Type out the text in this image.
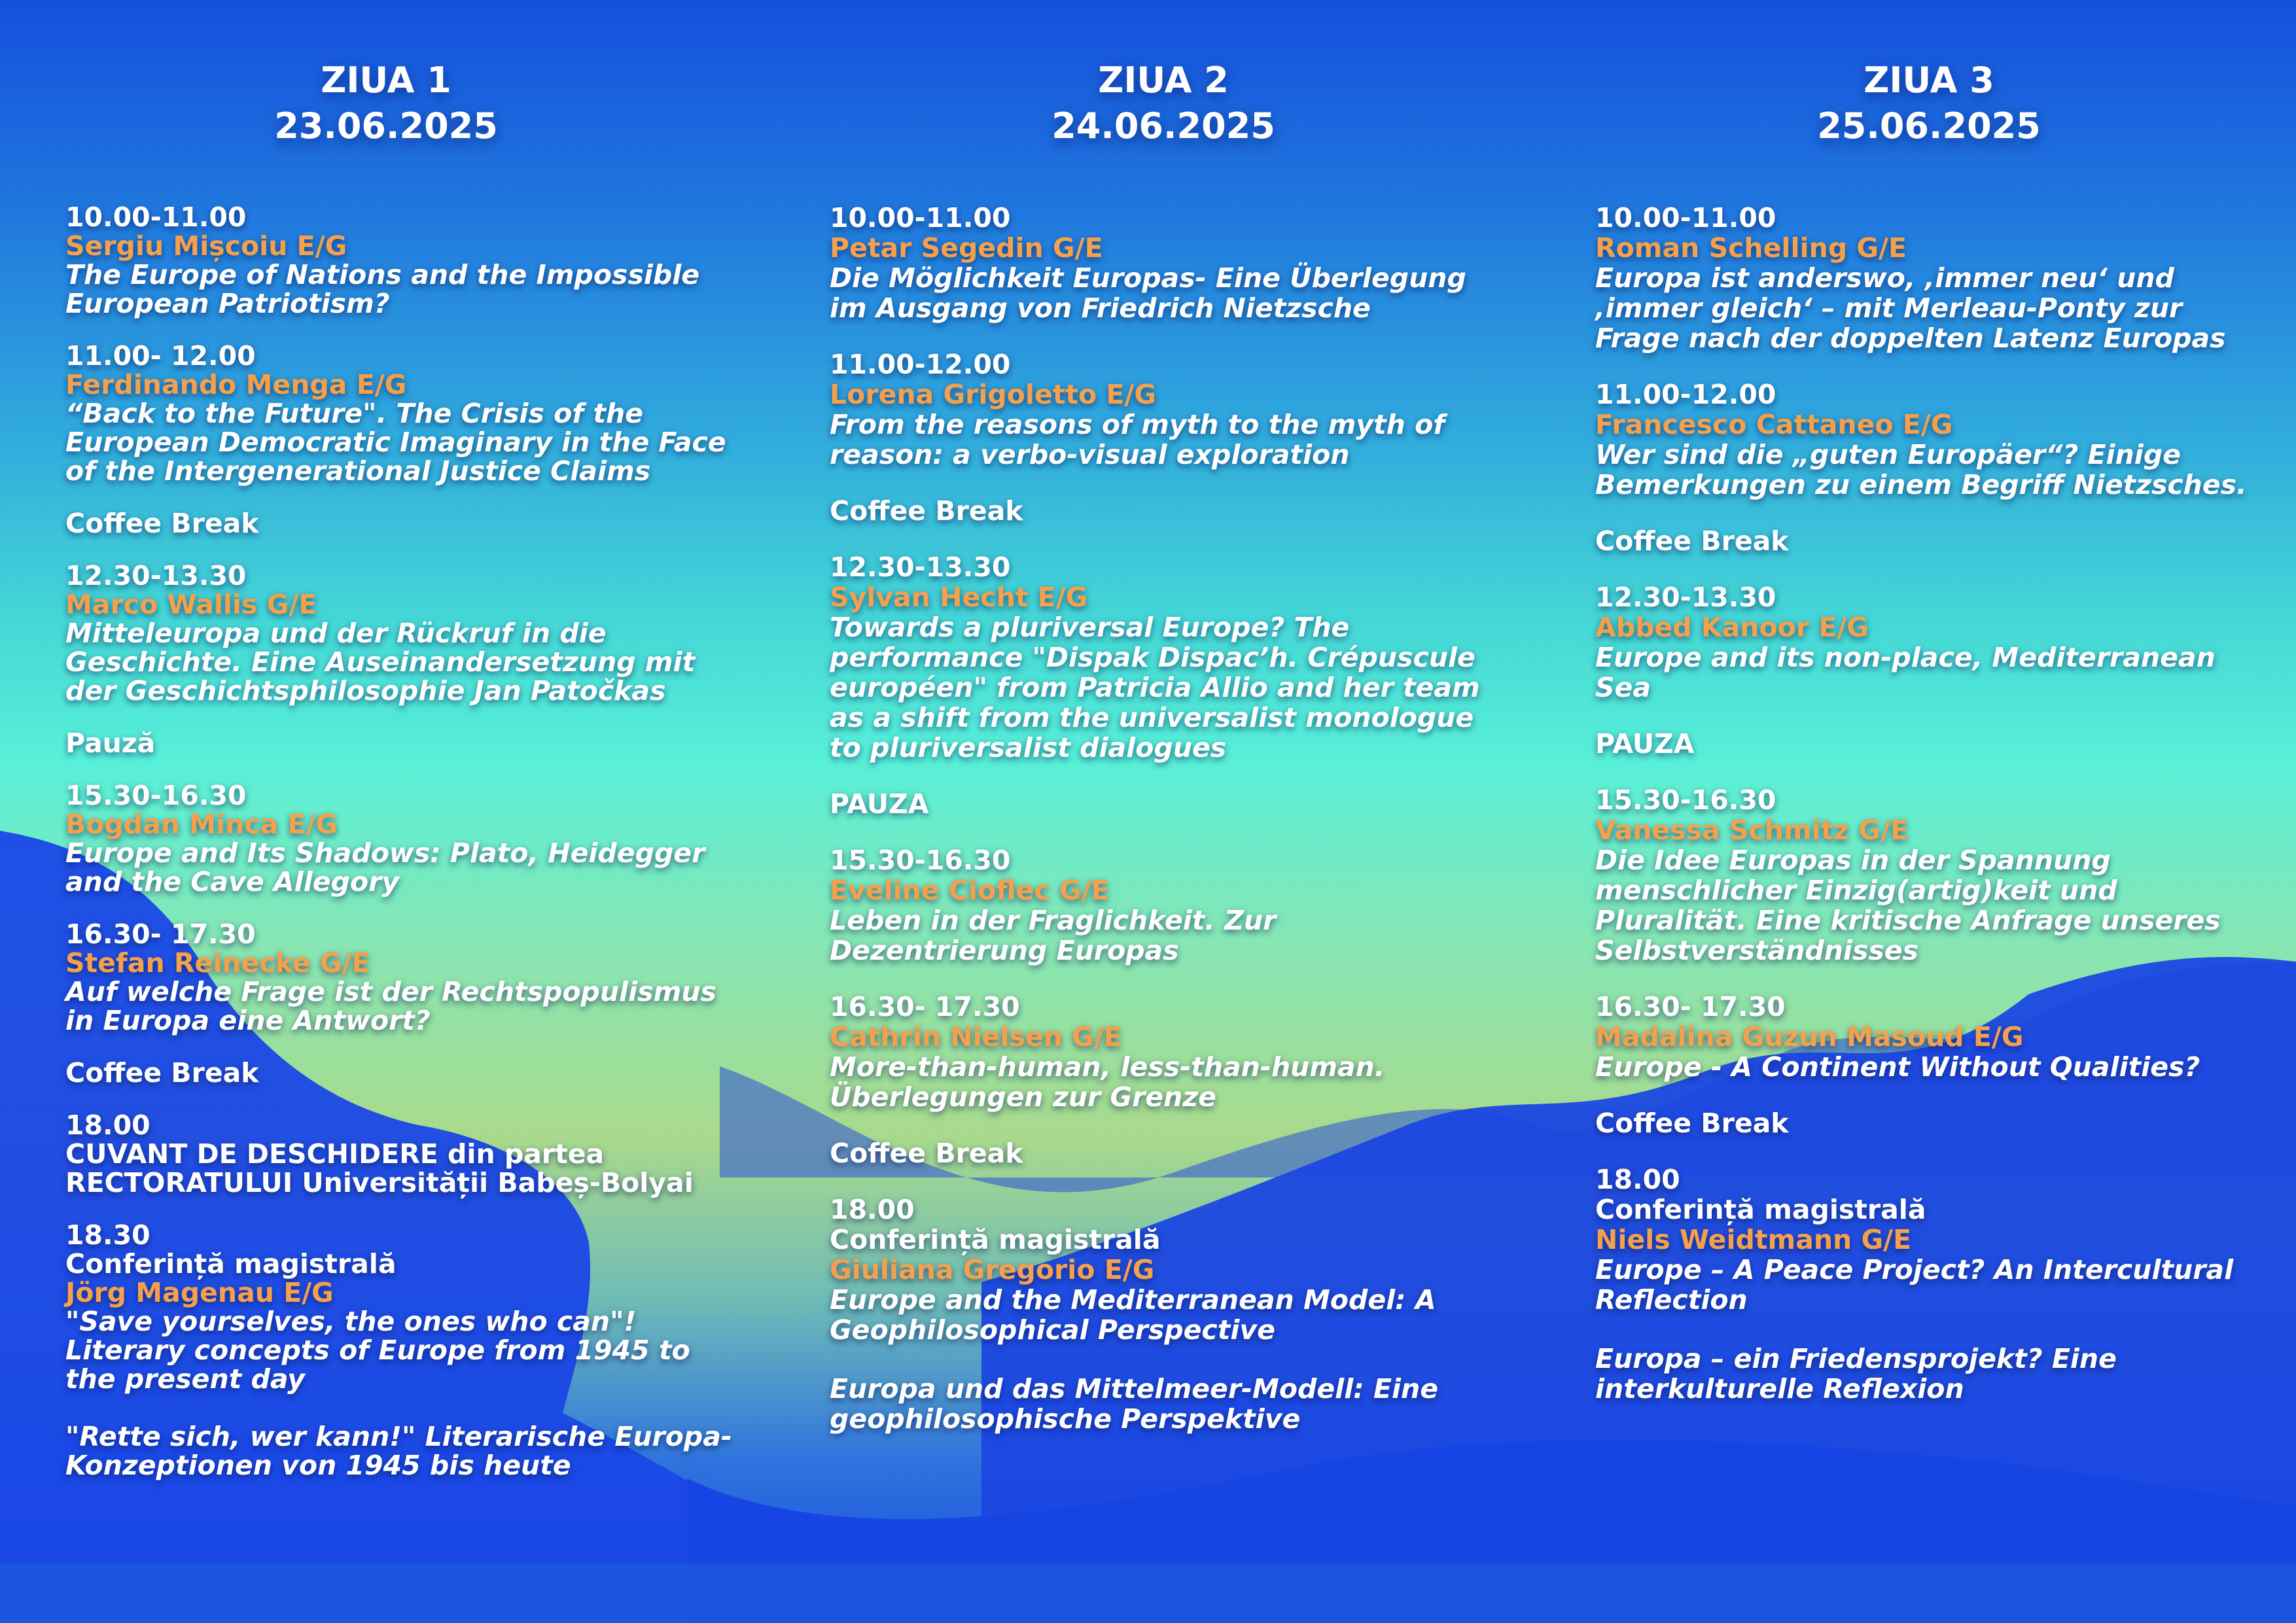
ZIUA 1
23.06.2025
10.00-11.00
Sergiu Mișcoiu E/G
The Europe of Nations and the Impossible European Patriotism?
11.00- 12.00
Ferdinando Menga E/G
“Back to the Future". The Crisis of the European Democratic Imaginary in the Face of the Intergenerational Justice Claims
Coffee Break
12.30-13.30
Marco Wallis G/E
Mitteleuropa und der Rückruf in die Geschichte. Eine Auseinandersetzung mit der Geschichtsphilosophie Jan Patočkas
Pauză
15.30-16.30
Bogdan Minca E/G
Europe and Its Shadows: Plato, Heidegger and the Cave Allegory
16.30- 17.30
Stefan Reinecke G/E
Auf welche Frage ist der Rechtspopulismus in Europa eine Antwort?
Coffee Break
18.00
CUVANT DE DESCHIDERE din partea RECTORATULUI Universității Babeș-Bolyai
18.30
Conferință magistrală
Jörg Magenau E/G
"Save yourselves, the ones who can"! Literary concepts of Europe from 1945 to the present day
"Rette sich, wer kann!" Literarische Europa-Konzeptionen von 1945 bis heute
ZIUA 2
24.06.2025
10.00-11.00
Petar Segedin G/E
Die Möglichkeit Europas- Eine Überlegung im Ausgang von Friedrich Nietzsche
11.00-12.00
Lorena Grigoletto E/G
From the reasons of myth to the myth of reason: a verbo-visual exploration
Coffee Break
12.30-13.30
Sylvan Hecht E/G
Towards a pluriversal Europe? The performance "Dispak Dispac’h. Crépuscule européen" from Patricia Allio and her team as a shift from the universalist monologue to pluriversalist dialogues
PAUZA
15.30-16.30
Eveline Cioflec G/E
Leben in der Fraglichkeit. Zur Dezentrierung Europas
16.30- 17.30
Cathrin Nielsen G/E
More-than-human, less-than-human. Überlegungen zur Grenze
Coffee Break
18.00
Conferință magistrală
Giuliana Gregorio E/G
Europe and the Mediterranean Model: A Geophilosophical Perspective
Europa und das Mittelmeer-Modell: Eine geophilosophische Perspektive
ZIUA 3
25.06.2025
10.00-11.00
Roman Schelling G/E
Europa ist anderswo, ‚immer neu‘ und ‚immer gleich‘ – mit Merleau-Ponty zur Frage nach der doppelten Latenz Europas
11.00-12.00
Francesco Cattaneo E/G
Wer sind die „guten Europäer“? Einige Bemerkungen zu einem Begriff Nietzsches.
Coffee Break
12.30-13.30
Abbed Kanoor E/G
Europe and its non-place, Mediterranean Sea
PAUZA
15.30-16.30
Vanessa Schmitz G/E
Die Idee Europas in der Spannung menschlicher Einzig(artig)keit und Pluralität. Eine kritische Anfrage unseres Selbstverständnisses
16.30- 17.30
Madalina Guzun Masoud E/G
Europe - A Continent Without Qualities?
Coffee Break
18.00
Conferință magistrală
Niels Weidtmann G/E
Europe – A Peace Project? An Intercultural Reflection
Europa – ein Friedensprojekt? Eine interkulturelle Reflexion
